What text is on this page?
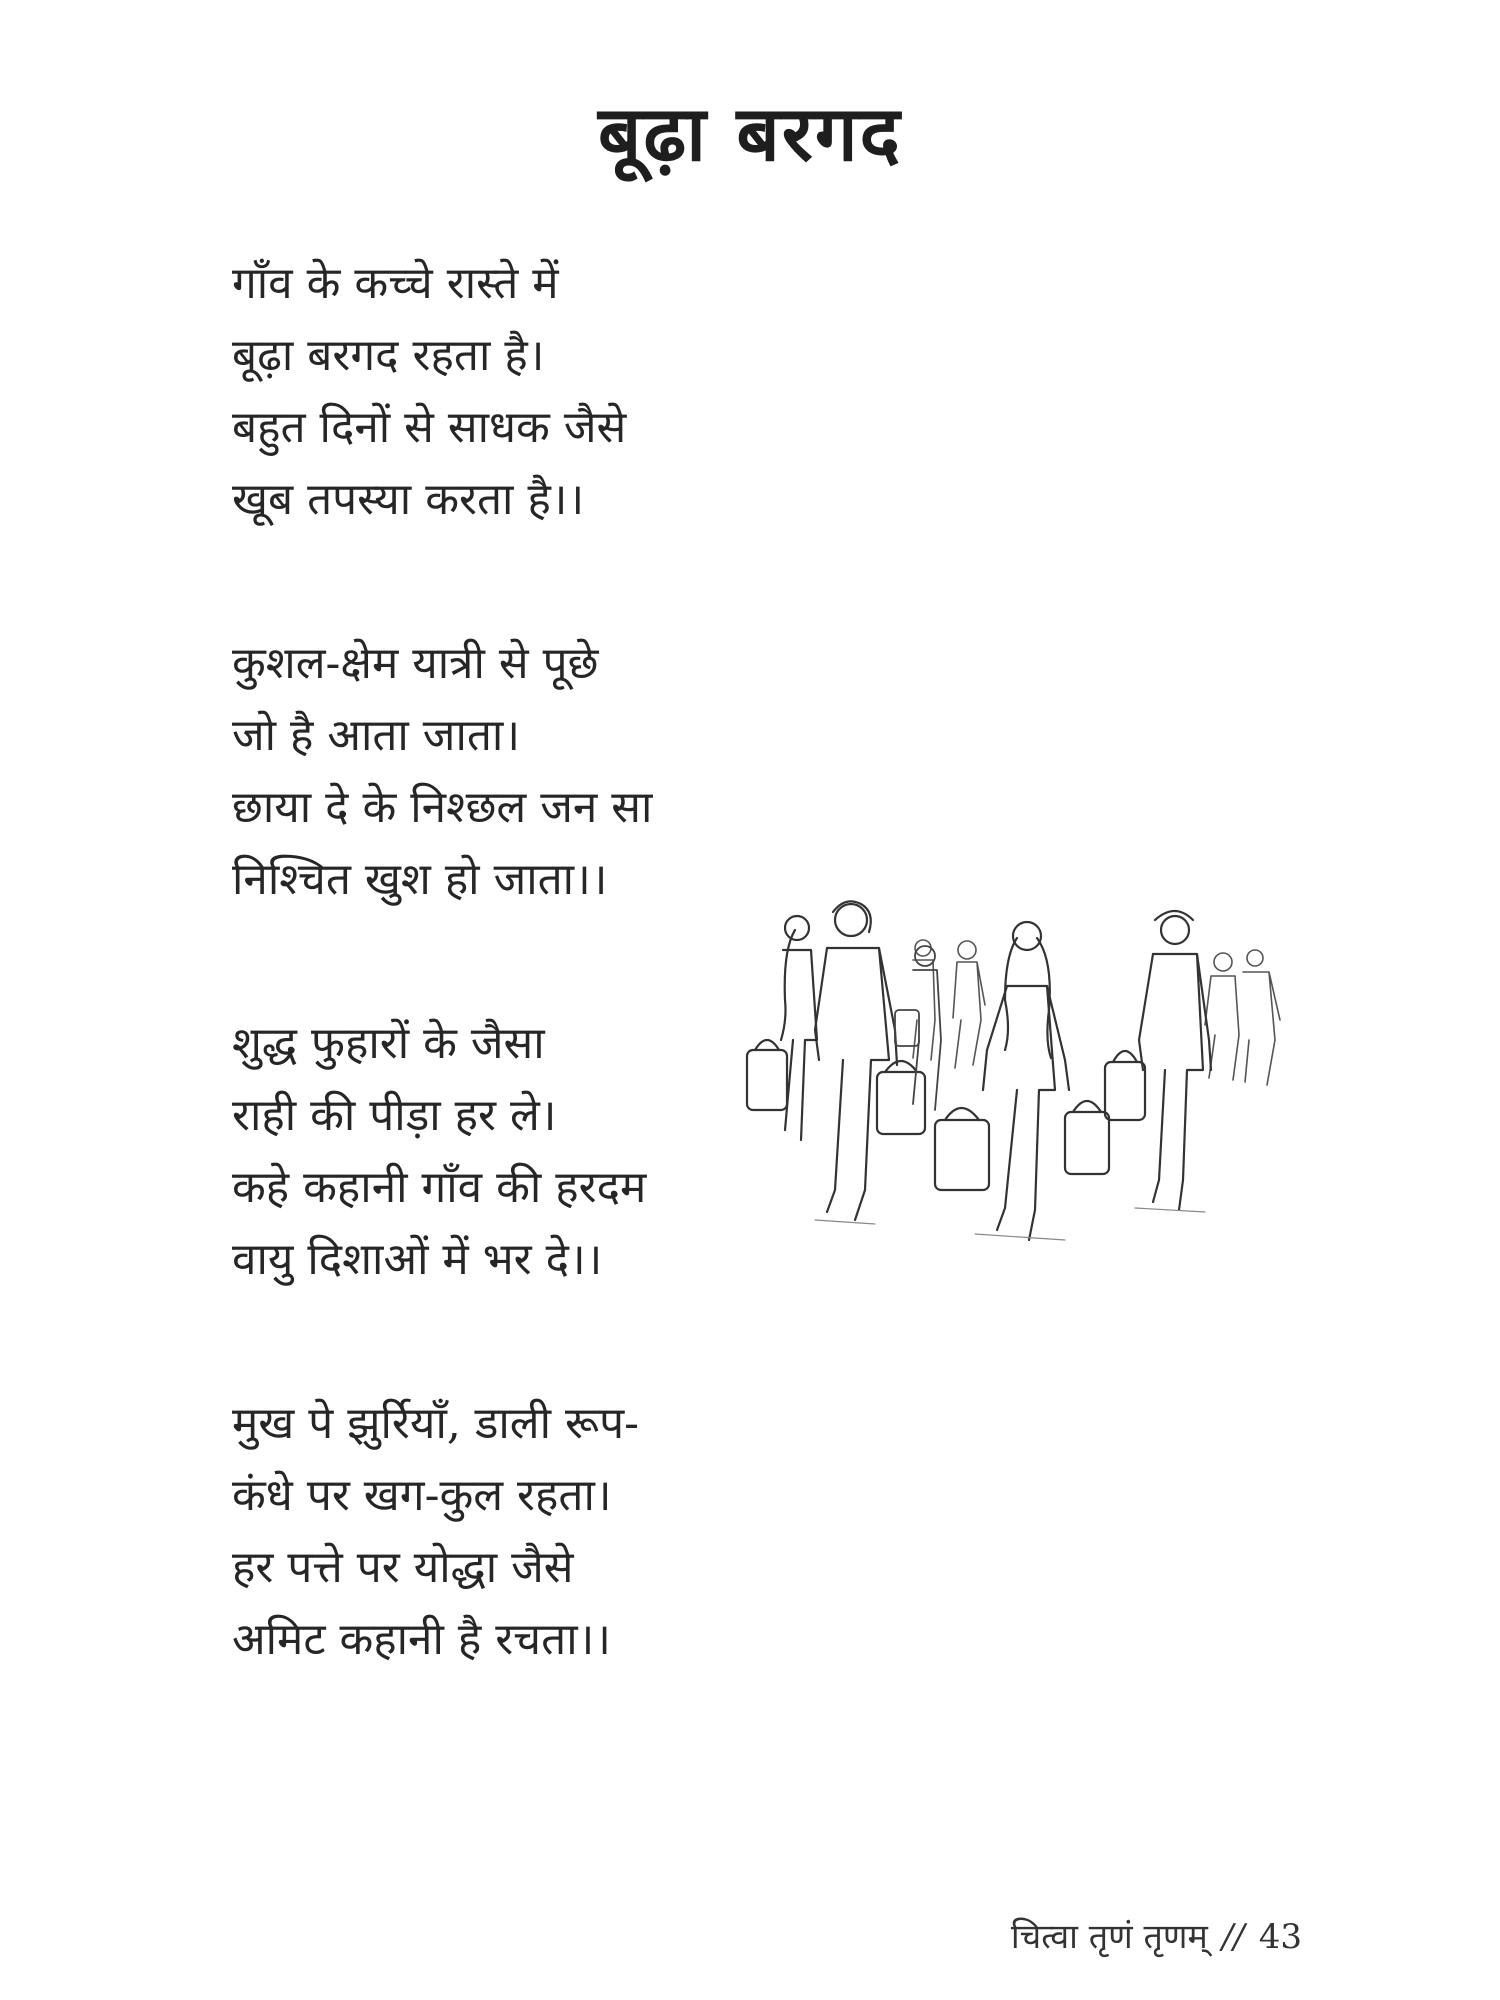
बूढ़ा बरगद
गाँव के कच्चे रास्ते में
बूढ़ा बरगद रहता है।
बहुत दिनों से साधक जैसे
खूब तपस्या करता है।।
कुशल-क्षेम यात्री से पूछे
जो है आता जाता।
छाया दे के निश्छल जन सा
निश्चित खुश हो जाता।।
शुद्ध फुहारों के जैसा
राही की पीड़ा हर ले।
कहे कहानी गाँव की हरदम
वायु दिशाओं में भर दे।।
मुख पे झुर्रियाँ, डाली रूप-
कंधे पर खग-कुल रहता।
हर पत्ते पर योद्धा जैसे
अमिट कहानी है रचता।।
चित्वा तृणं तृणम् // 43
